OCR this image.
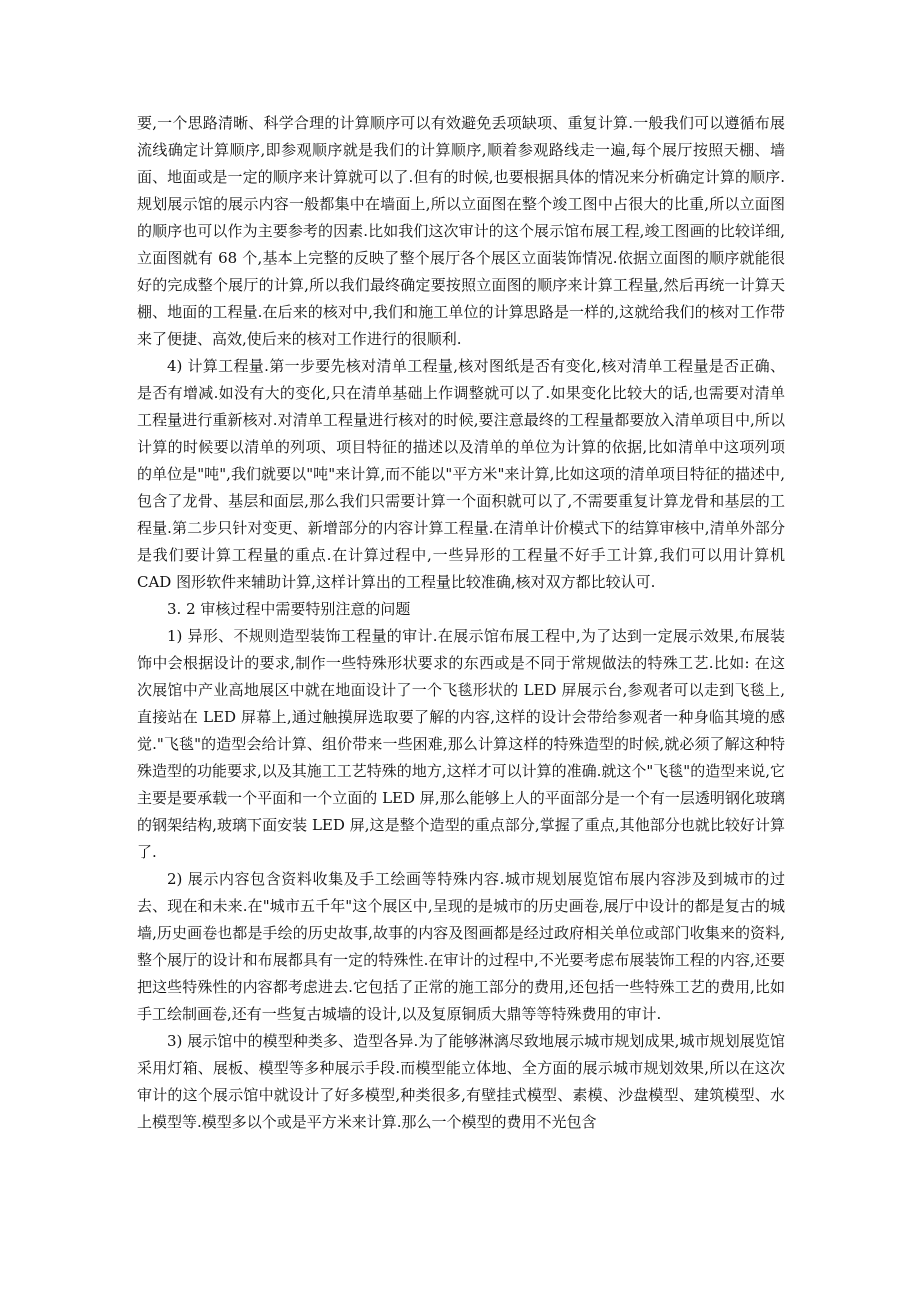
要,一个思路清晰、科学合理的计算顺序可以有效避免丢项缺项、重复计算.一般我们可以遵循布展流线确定计算顺序,即参观顺序就是我们的计算顺序,顺着参观路线走一遍,每个展厅按照天棚、墙面、地面或是一定的顺序来计算就可以了.但有的时候,也要根据具体的情况来分析确定计算的顺序.规划展示馆的展示内容一般都集中在墙面上,所以立面图在整个竣工图中占很大的比重,所以立面图的顺序也可以作为主要参考的因素.比如我们这次审计的这个展示馆布展工程,竣工图画的比较详细,立面图就有 68 个,基本上完整的反映了整个展厅各个展区立面装饰情况.依据立面图的顺序就能很好的完成整个展厅的计算,所以我们最终确定要按照立面图的顺序来计算工程量,然后再统一计算天棚、地面的工程量.在后来的核对中,我们和施工单位的计算思路是一样的,这就给我们的核对工作带来了便捷、高效,使后来的核对工作进行的很顺利.

4) 计算工程量.第一步要先核对清单工程量,核对图纸是否有变化,核对清单工程量是否正确、是否有增减.如没有大的变化,只在清单基础上作调整就可以了.如果变化比较大的话,也需要对清单工程量进行重新核对.对清单工程量进行核对的时候,要注意最终的工程量都要放入清单项目中,所以计算的时候要以清单的列项、项目特征的描述以及清单的单位为计算的依据,比如清单中这项列项的单位是"吨",我们就要以"吨"来计算,而不能以"平方米"来计算,比如这项的清单项目特征的描述中,包含了龙骨、基层和面层,那么我们只需要计算一个面积就可以了,不需要重复计算龙骨和基层的工程量.第二步只针对变更、新增部分的内容计算工程量.在清单计价模式下的结算审核中,清单外部分是我们要计算工程量的重点.在计算过程中,一些异形的工程量不好手工计算,我们可以用计算机 CAD 图形软件来辅助计算,这样计算出的工程量比较准确,核对双方都比较认可.

3. 2 审核过程中需要特别注意的问题

1) 异形、不规则造型装饰工程量的审计.在展示馆布展工程中,为了达到一定展示效果,布展装饰中会根据设计的要求,制作一些特殊形状要求的东西或是不同于常规做法的特殊工艺.比如: 在这次展馆中产业高地展区中就在地面设计了一个飞毯形状的 LED 屏展示台,参观者可以走到飞毯上,直接站在 LED 屏幕上,通过触摸屏选取要了解的内容,这样的设计会带给参观者一种身临其境的感觉."飞毯"的造型会给计算、组价带来一些困难,那么计算这样的特殊造型的时候,就必须了解这种特殊造型的功能要求,以及其施工工艺特殊的地方,这样才可以计算的准确.就这个"飞毯"的造型来说,它主要是要承载一个平面和一个立面的 LED 屏,那么能够上人的平面部分是一个有一层透明钢化玻璃的钢架结构,玻璃下面安装 LED 屏,这是整个造型的重点部分,掌握了重点,其他部分也就比较好计算了.

2) 展示内容包含资料收集及手工绘画等特殊内容.城市规划展览馆布展内容涉及到城市的过去、现在和未来.在"城市五千年"这个展区中,呈现的是城市的历史画卷,展厅中设计的都是复古的城墙,历史画卷也都是手绘的历史故事,故事的内容及图画都是经过政府相关单位或部门收集来的资料,整个展厅的设计和布展都具有一定的特殊性.在审计的过程中,不光要考虑布展装饰工程的内容,还要把这些特殊性的内容都考虑进去.它包括了正常的施工部分的费用,还包括一些特殊工艺的费用,比如手工绘制画卷,还有一些复古城墙的设计,以及复原铜质大鼎等等特殊费用的审计.

3) 展示馆中的模型种类多、造型各异.为了能够淋漓尽致地展示城市规划成果,城市规划展览馆采用灯箱、展板、模型等多种展示手段.而模型能立体地、全方面的展示城市规划效果,所以在这次审计的这个展示馆中就设计了好多模型,种类很多,有壁挂式模型、素模、沙盘模型、建筑模型、水上模型等.模型多以个或是平方米来计算.那么一个模型的费用不光包含
